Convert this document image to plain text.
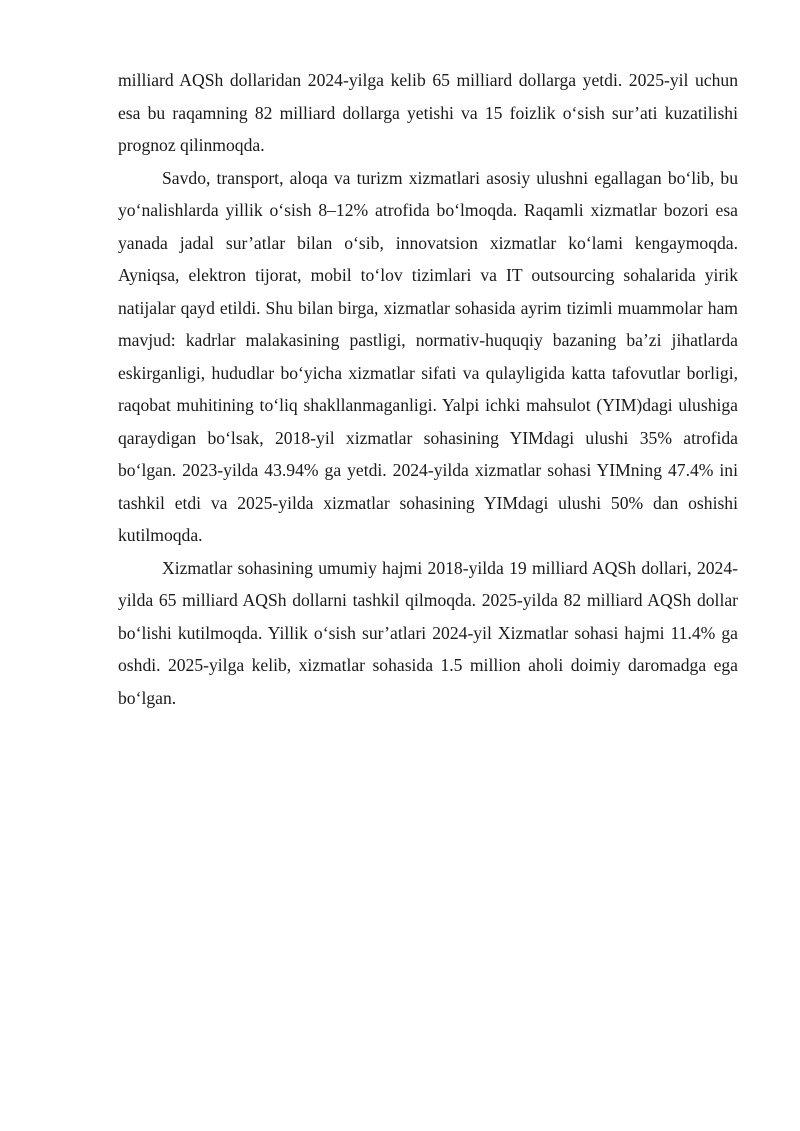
milliard AQSh dollaridan 2024-yilga kelib 65 milliard dollarga yetdi. 2025-yil uchun esa bu raqamning 82 milliard dollarga yetishi va 15 foizlik o‘sish sur’ati kuzatilishi prognoz qilinmoqda.

Savdo, transport, aloqa va turizm xizmatlari asosiy ulushni egallagan bo‘lib, bu yo‘nalishlarda yillik o‘sish 8–12% atrofida bo‘lmoqda. Raqamli xizmatlar bozori esa yanada jadal sur’atlar bilan o‘sib, innovatsion xizmatlar ko‘lami kengaymoqda. Ayniqsa, elektron tijorat, mobil to‘lov tizimlari va IT outsourcing sohalarida yirik natijalar qayd etildi. Shu bilan birga, xizmatlar sohasida ayrim tizimli muammolar ham mavjud: kadrlar malakasining pastligi, normativ-huquqiy bazaning ba’zi jihatlarda eskirganligi, hududlar bo‘yicha xizmatlar sifati va qulayligida katta tafovutlar borligi, raqobat muhitining to‘liq shakllanmaganligi. Yalpi ichki mahsulot (YIM)dagi ulushiga qaraydigan bo‘lsak, 2018-yil xizmatlar sohasining YIMdagi ulushi 35% atrofida bo‘lgan. 2023-yilda 43.94% ga yetdi. 2024-yilda xizmatlar sohasi YIMning 47.4% ini tashkil etdi va 2025-yilda xizmatlar sohasining YIMdagi ulushi 50% dan oshishi kutilmoqda.

Xizmatlar sohasining umumiy hajmi 2018-yilda 19 milliard AQSh dollari, 2024-yilda 65 milliard AQSh dollarni tashkil qilmoqda. 2025-yilda 82 milliard AQSh dollar bo‘lishi kutilmoqda. Yillik o‘sish sur’atlari 2024-yil Xizmatlar sohasi hajmi 11.4% ga oshdi. 2025-yilga kelib, xizmatlar sohasida 1.5 million aholi doimiy daromadga ega bo‘lgan.
